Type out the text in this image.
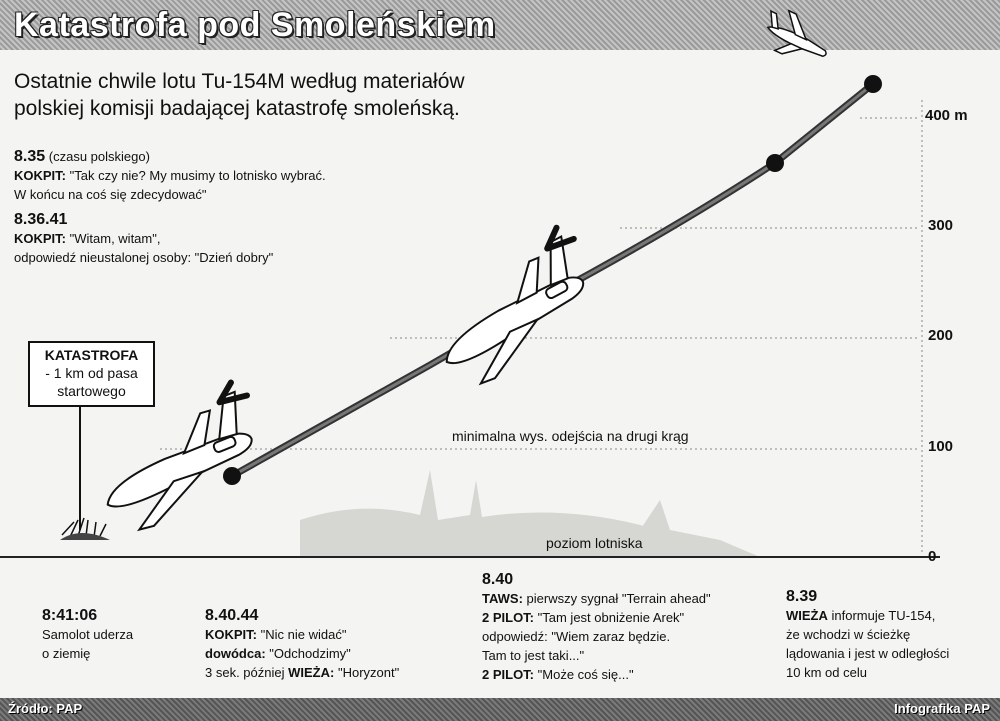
Katastrofa pod Smoleńskiem
Ostatnie chwile lotu Tu-154M według materiałów
polskiej komisji badającej katastrofę smoleńską.
0
100
200
300
400 m
minimalna wys. odejścia na drugi krąg
poziom lotniska
KATASTROFA
- 1 km od pasa
startowego
8.35 (czasu polskiego)
KOKPIT: "Tak czy nie? My musimy to lotnisko wybrać.
W końcu na coś się zdecydować"
8.36.41
KOKPIT: "Witam, witam",
odpowiedź nieustalonej osoby: "Dzień dobry"
8:41:06
Samolot uderza
o ziemię
8.40.44
KOKPIT: "Nic nie widać"
dowódca: "Odchodzimy"
3 sek. później WIEŻA: "Horyzont"
8.40
TAWS: pierwszy sygnał "Terrain ahead"
2 PILOT: "Tam jest obniżenie Arek"
odpowiedź: "Wiem zaraz będzie.
Tam to jest taki..."
2 PILOT: "Może coś się..."
8.39
WIEŻA informuje TU-154,
że wchodzi w ścieżkę
lądowania i jest w odległości
10 km od celu
Źródło: PAP	Infografika PAP
